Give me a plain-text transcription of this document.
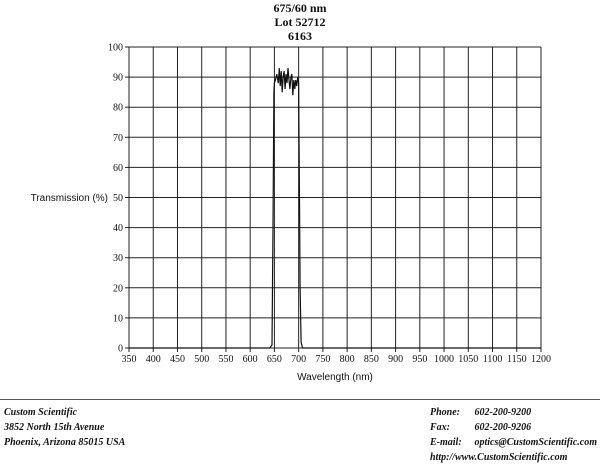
675/60 nm
Lot 52712
6163
350 400 450 500 550 600 650 700 750 800 850 900 950 1000 1050 1100 1150 1200
0
10
20
30
40
50
60
70
80
90
100
Wavelength (nm)
Transmission (%)
Custom Scientific
3852 North 15th Avenue
Phoenix, Arizona 85015 USA
Phone: 602-200-9200
Fax: 602-200-9206
E-mail: optics@CustomScientific.com
http://www.CustomScientific.com
